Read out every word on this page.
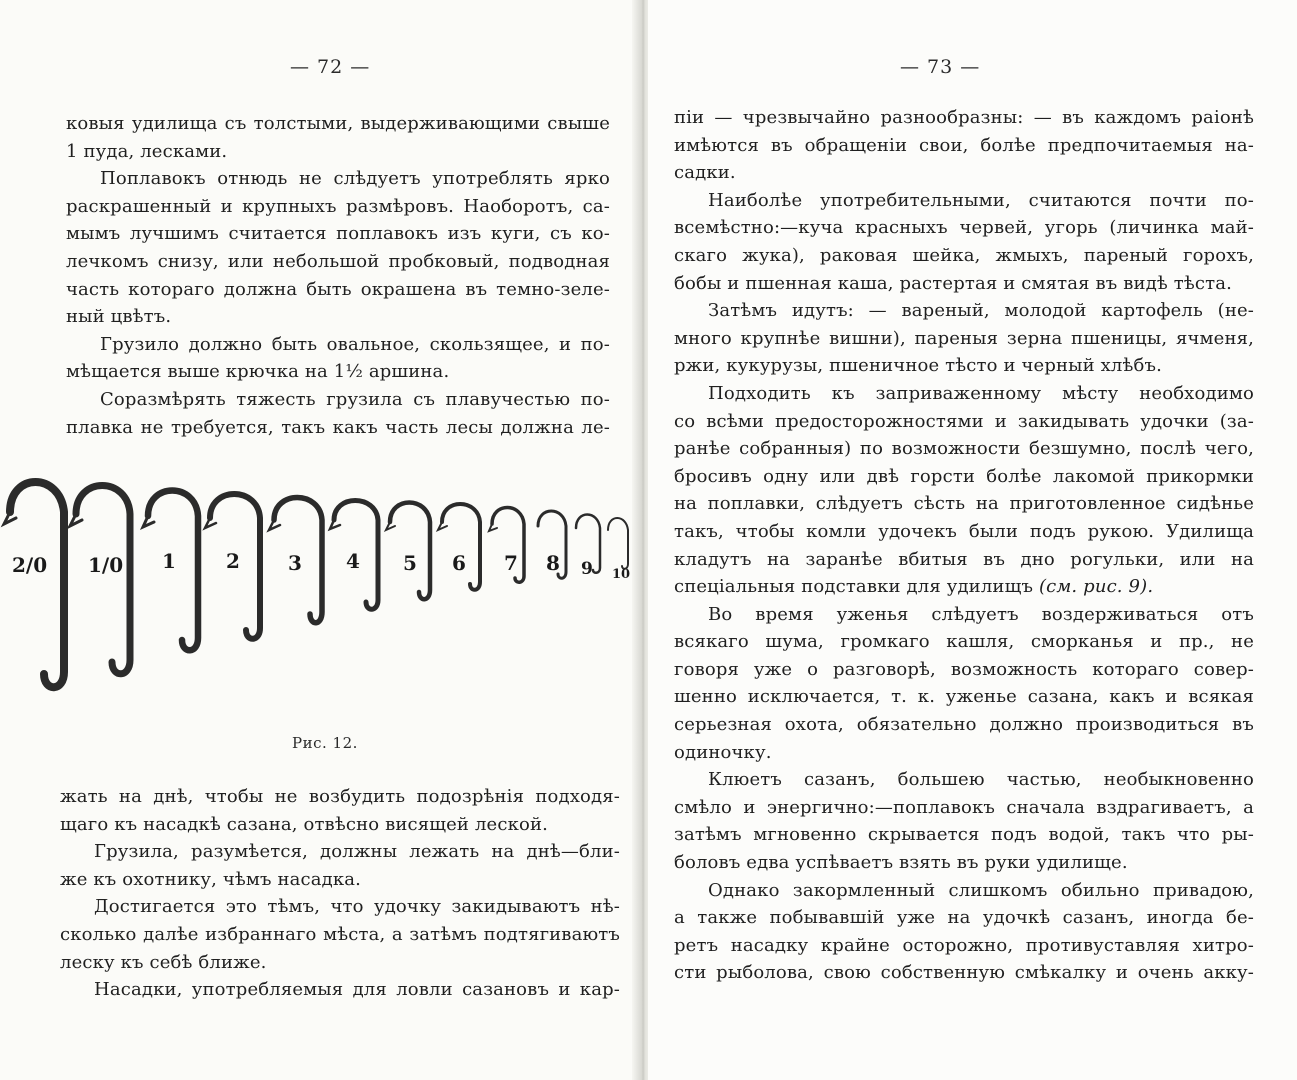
— 72 —
ковыя удилища съ толстыми, выдерживающими свыше
1 пуда, лесками.
Поплавокъ отнюдь не слѣдуетъ употреблять ярко
раскрашенный и крупныхъ размѣровъ. Наоборотъ, са-
мымъ лучшимъ считается поплавокъ изъ куги, съ ко-
лечкомъ снизу, или небольшой пробковый, подводная
часть котораго должна быть окрашена въ темно-зеле-
ный цвѣтъ.
Грузило должно быть овальное, скользящее, и по-
мѣщается выше крючка на 1½ аршина.
Соразмѣрять тяжесть грузила съ плавучестью по-
плавка не требуется, такъ какъ часть лесы должна ле-
2/0 1/0 1	2 3 4 5 6 7 8 9 10
Рис. 12.
жать на днѣ, чтобы не возбудить подозрѣнія подходя-
щаго къ насадкѣ сазана, отвѣсно висящей леской.
Грузила, разумѣется, должны лежать на днѣ—бли-
же къ охотнику, чѣмъ насадка.
Достигается это тѣмъ, что удочку закидываютъ нѣ-
сколько далѣе избраннаго мѣста, а затѣмъ подтягиваютъ
леску къ себѣ ближе.
Насадки, употребляемыя для ловли сазановъ и кар-
— 73 —
пiи — чрезвычайно разнообразны: — въ каждомъ раiонѣ
имѣются въ обращенiи свои, болѣе предпочитаемыя на-
садки.
Наиболѣе употребительными, считаются почти по-
всемѣстно:—куча красныхъ червей, угорь (личинка май-
скаго жука), раковая шейка, жмыхъ, пареный горохъ,
бобы и пшенная каша, растертая и смятая въ видѣ тѣста.
Затѣмъ идутъ: — вареный, молодой картофель (не-
много крупнѣе вишни), пареныя зерна пшеницы, ячменя,
ржи, кукурузы, пшеничное тѣсто и черный хлѣбъ.
Подходить къ заприваженному мѣсту необходимо
со всѣми предосторожностями и закидывать удочки (за-
ранѣе собранныя) по возможности безшумно, послѣ чего,
бросивъ одну или двѣ горсти болѣе лакомой прикормки
на поплавки, слѣдуетъ сѣсть на приготовленное сидѣнье
такъ, чтобы комли удочекъ были подъ рукою. Удилища
кладутъ на заранѣе вбитыя въ дно рогульки, или на
спецiальныя подставки для удилищъ (см. рис. 9).
Во время уженья слѣдуетъ воздерживаться отъ
всякаго шума, громкаго кашля, сморканья и пр., не
говоря уже о разговорѣ, возможность котораго совер-
шенно исключается, т. к. уженье сазана, какъ и всякая
серьезная охота, обязательно должно производиться въ
одиночку.
Клюетъ сазанъ, большею частью, необыкновенно
смѣло и энергично:—поплавокъ сначала вздрагиваетъ, а
затѣмъ мгновенно скрывается подъ водой, такъ что ры-
боловъ едва успѣваетъ взять въ руки удилище.
Однако закормленный слишкомъ обильно привадою,
а также побывавшiй уже на удочкѣ сазанъ, иногда бе-
ретъ насадку крайне осторожно, противуставляя хитро-
сти рыболова, свою собственную смѣкалку и очень акку-
